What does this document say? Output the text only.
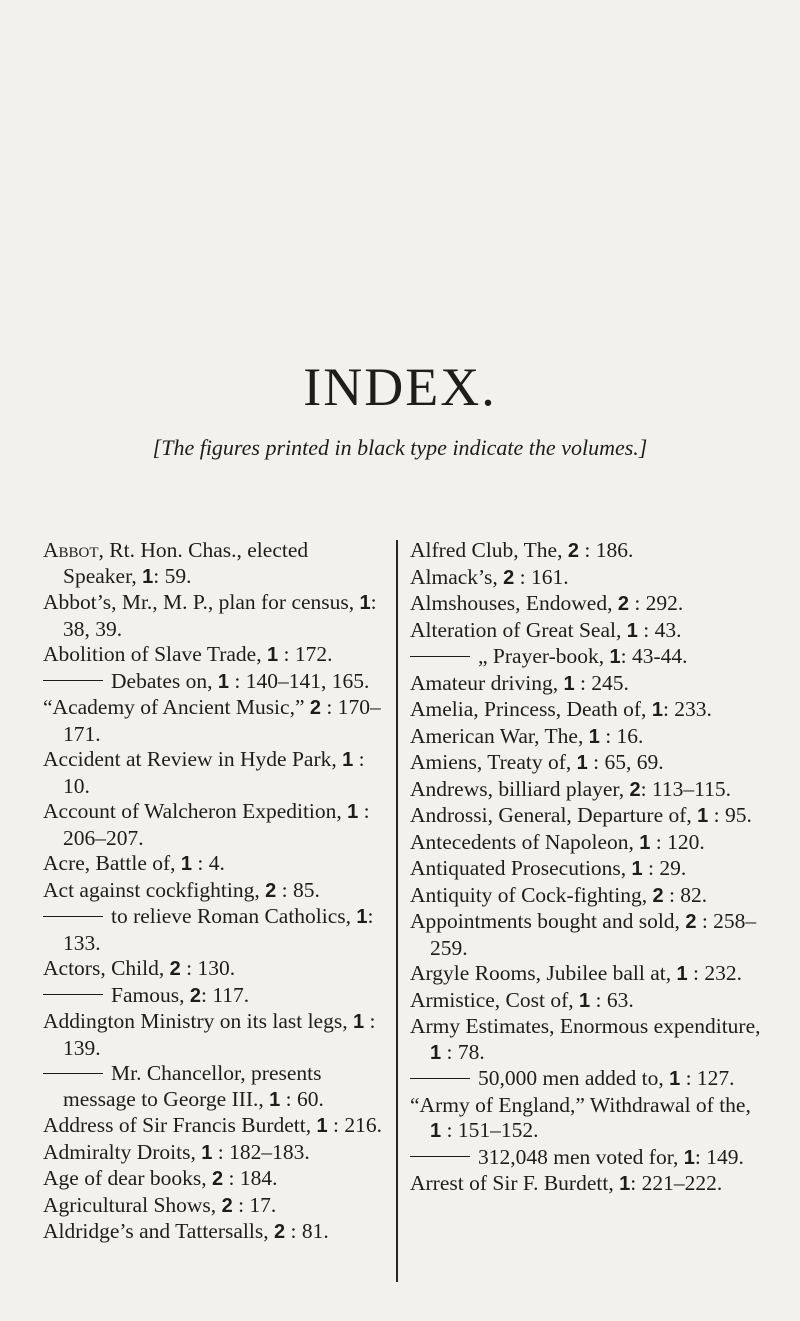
INDEX.
[The figures printed in black type indicate the volumes.]
Abbot, Rt. Hon. Chas., elected Speaker, 1: 59.
Abbot’s, Mr., M. P., plan for census, 1: 38, 39.
Abolition of Slave Trade, 1 : 172.
Debates on, 1 : 140–141, 165.
“Academy of Ancient Music,” 2 : 170–171.
Accident at Review in Hyde Park, 1 : 10.
Account of Walcheron Expedition, 1 : 206–207.
Acre, Battle of, 1 : 4.
Act against cockfighting, 2 : 85.
to relieve Roman Catholics, 1: 133.
Actors, Child, 2 : 130.
Famous, 2: 117.
Addington Ministry on its last legs, 1 : 139.
Mr. Chancellor, presents message to George III., 1 : 60.
Address of Sir Francis Burdett, 1 : 216.
Admiralty Droits, 1 : 182–183.
Age of dear books, 2 : 184.
Agricultural Shows, 2 : 17.
Aldridge’s and Tattersalls, 2 : 81.
Alfred Club, The, 2 : 186.
Almack’s, 2 : 161.
Almshouses, Endowed, 2 : 292.
Alteration of Great Seal, 1 : 43.
„ Prayer-book, 1: 43-44.
Amateur driving, 1 : 245.
Amelia, Princess, Death of, 1: 233.
American War, The, 1 : 16.
Amiens, Treaty of, 1 : 65, 69.
Andrews, billiard player, 2: 113–115.
Androssi, General, Departure of, 1 : 95.
Antecedents of Napoleon, 1 : 120.
Antiquated Prosecutions, 1 : 29.
Antiquity of Cock-fighting, 2 : 82.
Appointments bought and sold, 2 : 258–259.
Argyle Rooms, Jubilee ball at, 1 : 232.
Armistice, Cost of, 1 : 63.
Army Estimates, Enormous expenditure, 1 : 78.
50,000 men added to, 1 : 127.
“Army of England,” Withdrawal of the, 1 : 151–152.
312,048 men voted for, 1: 149.
Arrest of Sir F. Burdett, 1: 221–222.
